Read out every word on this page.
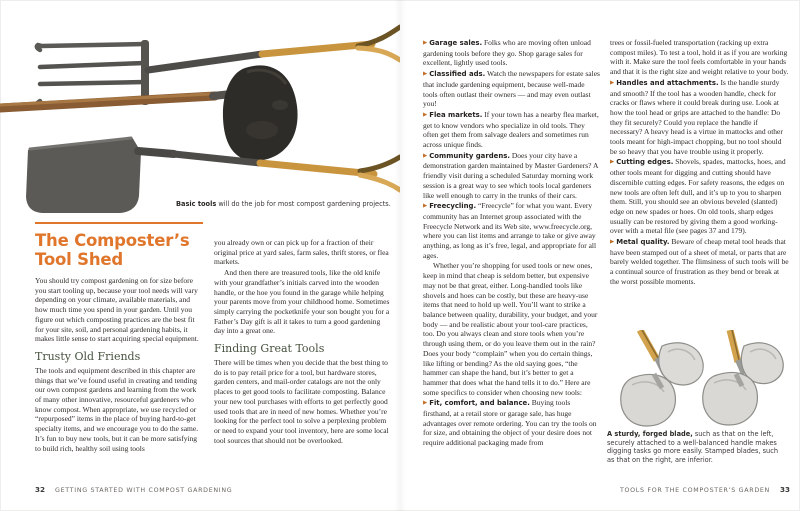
Basic tools will do the job for most compost gardening projects.

The Composter’s Tool Shed

You should try compost gardening on for size before you start tooling up, because your tool needs will vary depending on your climate, available materials, and how much time you spend in your garden. Until you figure out which composting practices are the best fit for your site, soil, and personal gardening habits, it makes little sense to start acquiring special equipment.

Trusty Old Friends

The tools and equipment described in this chapter are things that we’ve found useful in creating and tending our own compost gardens and learning from the work of many other innovative, resourceful gardeners who know compost. When appropriate, we use recycled or “repurposed” items in the place of buying hard-to-get specialty items, and we encourage you to do the same. It’s fun to buy new tools, but it can be more satisfying to build rich, healthy soil using tools

you already own or can pick up for a fraction of their original price at yard sales, farm sales, thrift stores, or flea markets.

And then there are treasured tools, like the old knife with your grandfather’s initials carved into the wooden handle, or the hoe you found in the garage while helping your parents move from your childhood home. Sometimes simply carrying the pocketknife your son bought you for a Father’s Day gift is all it takes to turn a good gardening day into a great one.

Finding Great Tools

There will be times when you decide that the best thing to do is to pay retail price for a tool, but hardware stores, garden centers, and mail-order catalogs are not the only places to get good tools to facilitate composting. Balance your new tool purchases with efforts to get perfectly good used tools that are in need of new homes. Whether you’re looking for the perfect tool to solve a perplexing problem or need to expand your tool inventory, here are some local tool sources that should not be overlooked.

32 GETTING STARTED WITH COMPOST GARDENING

▶ Garage sales. Folks who are moving often unload gardening tools before they go. Shop garage sales for excellent, lightly used tools.

▶ Classified ads. Watch the newspapers for estate sales that include gardening equipment, because well-made tools often outlast their owners — and may even outlast you!

▶ Flea markets. If your town has a nearby flea market, get to know vendors who specialize in old tools. They often get them from salvage dealers and sometimes run across unique finds.

▶ Community gardens. Does your city have a demonstration garden maintained by Master Gardeners? A friendly visit during a scheduled Saturday morning work session is a great way to see which tools local gardeners like well enough to carry in the trunks of their cars.

▶ Freecycling. “Freecycle” for what you want. Every community has an Internet group associated with the Freecycle Network and its Web site, www.freecycle.org, where you can list items and arrange to take or give away anything, as long as it’s free, legal, and appropriate for all ages.

Whether you’re shopping for used tools or new ones, keep in mind that cheap is seldom better, but expensive may not be that great, either. Long-handled tools like shovels and hoes can be costly, but these are heavy-use items that need to hold up well. You’ll want to strike a balance between quality, durability, your budget, and your body — and be realistic about your tool-care practices, too. Do you always clean and store tools when you’re through using them, or do you leave them out in the rain? Does your body “complain” when you do certain things, like lifting or bending? As the old saying goes, “the hammer can shape the hand, but it’s better to get a hammer that does what the hand tells it to do.” Here are some specifics to consider when choosing new tools:

▶ Fit, comfort, and balance. Buying tools firsthand, at a retail store or garage sale, has huge advantages over remote ordering. You can try the tools on for size, and obtaining the object of your desire does not require additional packaging made from

trees or fossil-fueled transportation (racking up extra compost miles). To test a tool, hold it as if you are working with it. Make sure the tool feels comfortable in your hands and that it is the right size and weight relative to your body.

▶ Handles and attachments. Is the handle sturdy and smooth? If the tool has a wooden handle, check for cracks or flaws where it could break during use. Look at how the tool head or grips are attached to the handle: Do they fit securely? Could you replace the handle if necessary? A heavy head is a virtue in mattocks and other tools meant for high-impact chopping, but no tool should be so heavy that you have trouble using it properly.

▶ Cutting edges. Shovels, spades, mattocks, hoes, and other tools meant for digging and cutting should have discernible cutting edges. For safety reasons, the edges on new tools are often left dull, and it’s up to you to sharpen them. Still, you should see an obvious beveled (slanted) edge on new spades or hoes. On old tools, sharp edges usually can be restored by giving them a good working-over with a metal file (see pages 37 and 179).

▶ Metal quality. Beware of cheap metal tool heads that have been stamped out of a sheet of metal, or parts that are barely welded together. The flimsiness of such tools will be a continual source of frustration as they bend or break at the worst possible moments.

A sturdy, forged blade, such as that on the left, securely attached to a well-balanced handle makes digging tasks go more easily. Stamped blades, such as that on the right, are inferior.

TOOLS FOR THE COMPOSTER’S GARDEN 33
